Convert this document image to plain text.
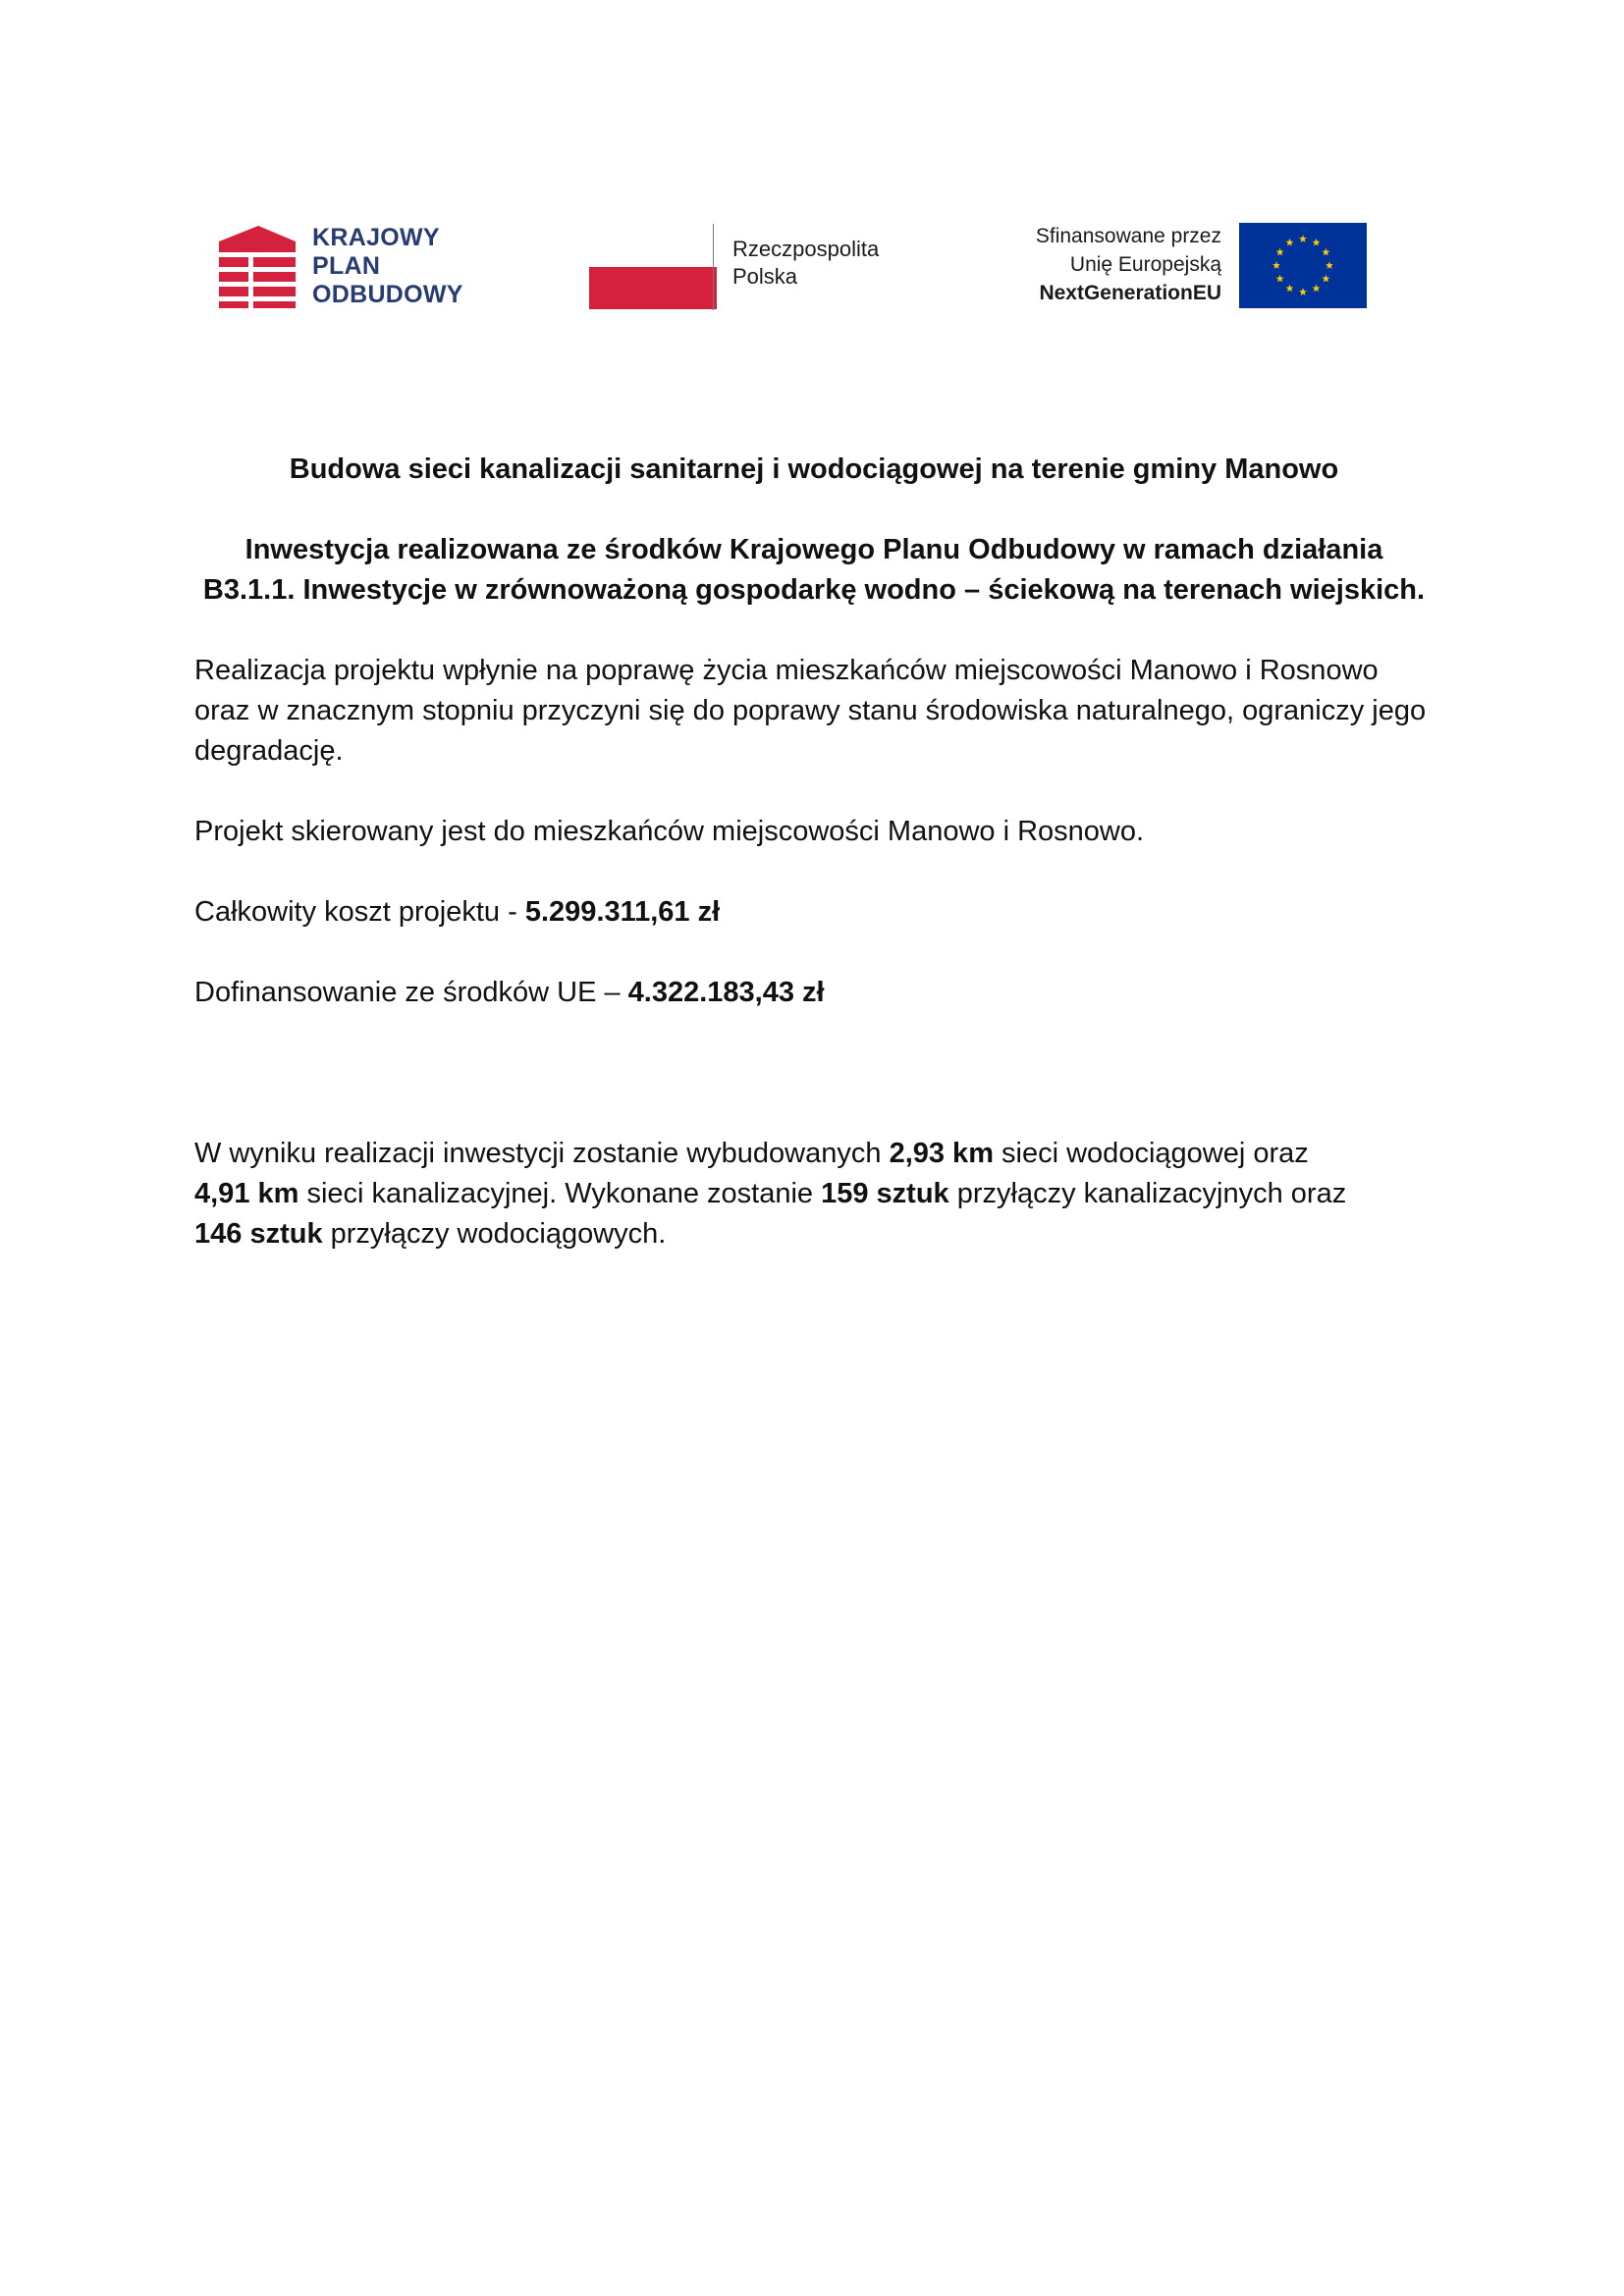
KRAJOWY
PLAN
ODBUDOWY
Rzeczpospolita
Polska
Sfinansowane przez
Unię Europejską
NextGenerationEU

Budowa sieci kanalizacji sanitarnej i wodociągowej na terenie gminy Manowo

Inwestycja realizowana ze środków Krajowego Planu Odbudowy w ramach działania
B3.1.1. Inwestycje w zrównoważoną gospodarkę wodno – ściekową na terenach wiejskich.

Realizacja projektu wpłynie na poprawę życia mieszkańców miejscowości Manowo i Rosnowo oraz w znacznym stopniu przyczyni się do poprawy stanu środowiska naturalnego, ograniczy jego degradację.

Projekt skierowany jest do mieszkańców miejscowości Manowo i Rosnowo.

Całkowity koszt projektu - 5.299.311,61 zł

Dofinansowanie ze środków UE – 4.322.183,43 zł

W wyniku realizacji inwestycji zostanie wybudowanych 2,93 km sieci wodociągowej oraz
4,91 km sieci kanalizacyjnej. Wykonane zostanie 159 sztuk przyłączy kanalizacyjnych oraz
146 sztuk przyłączy wodociągowych.
